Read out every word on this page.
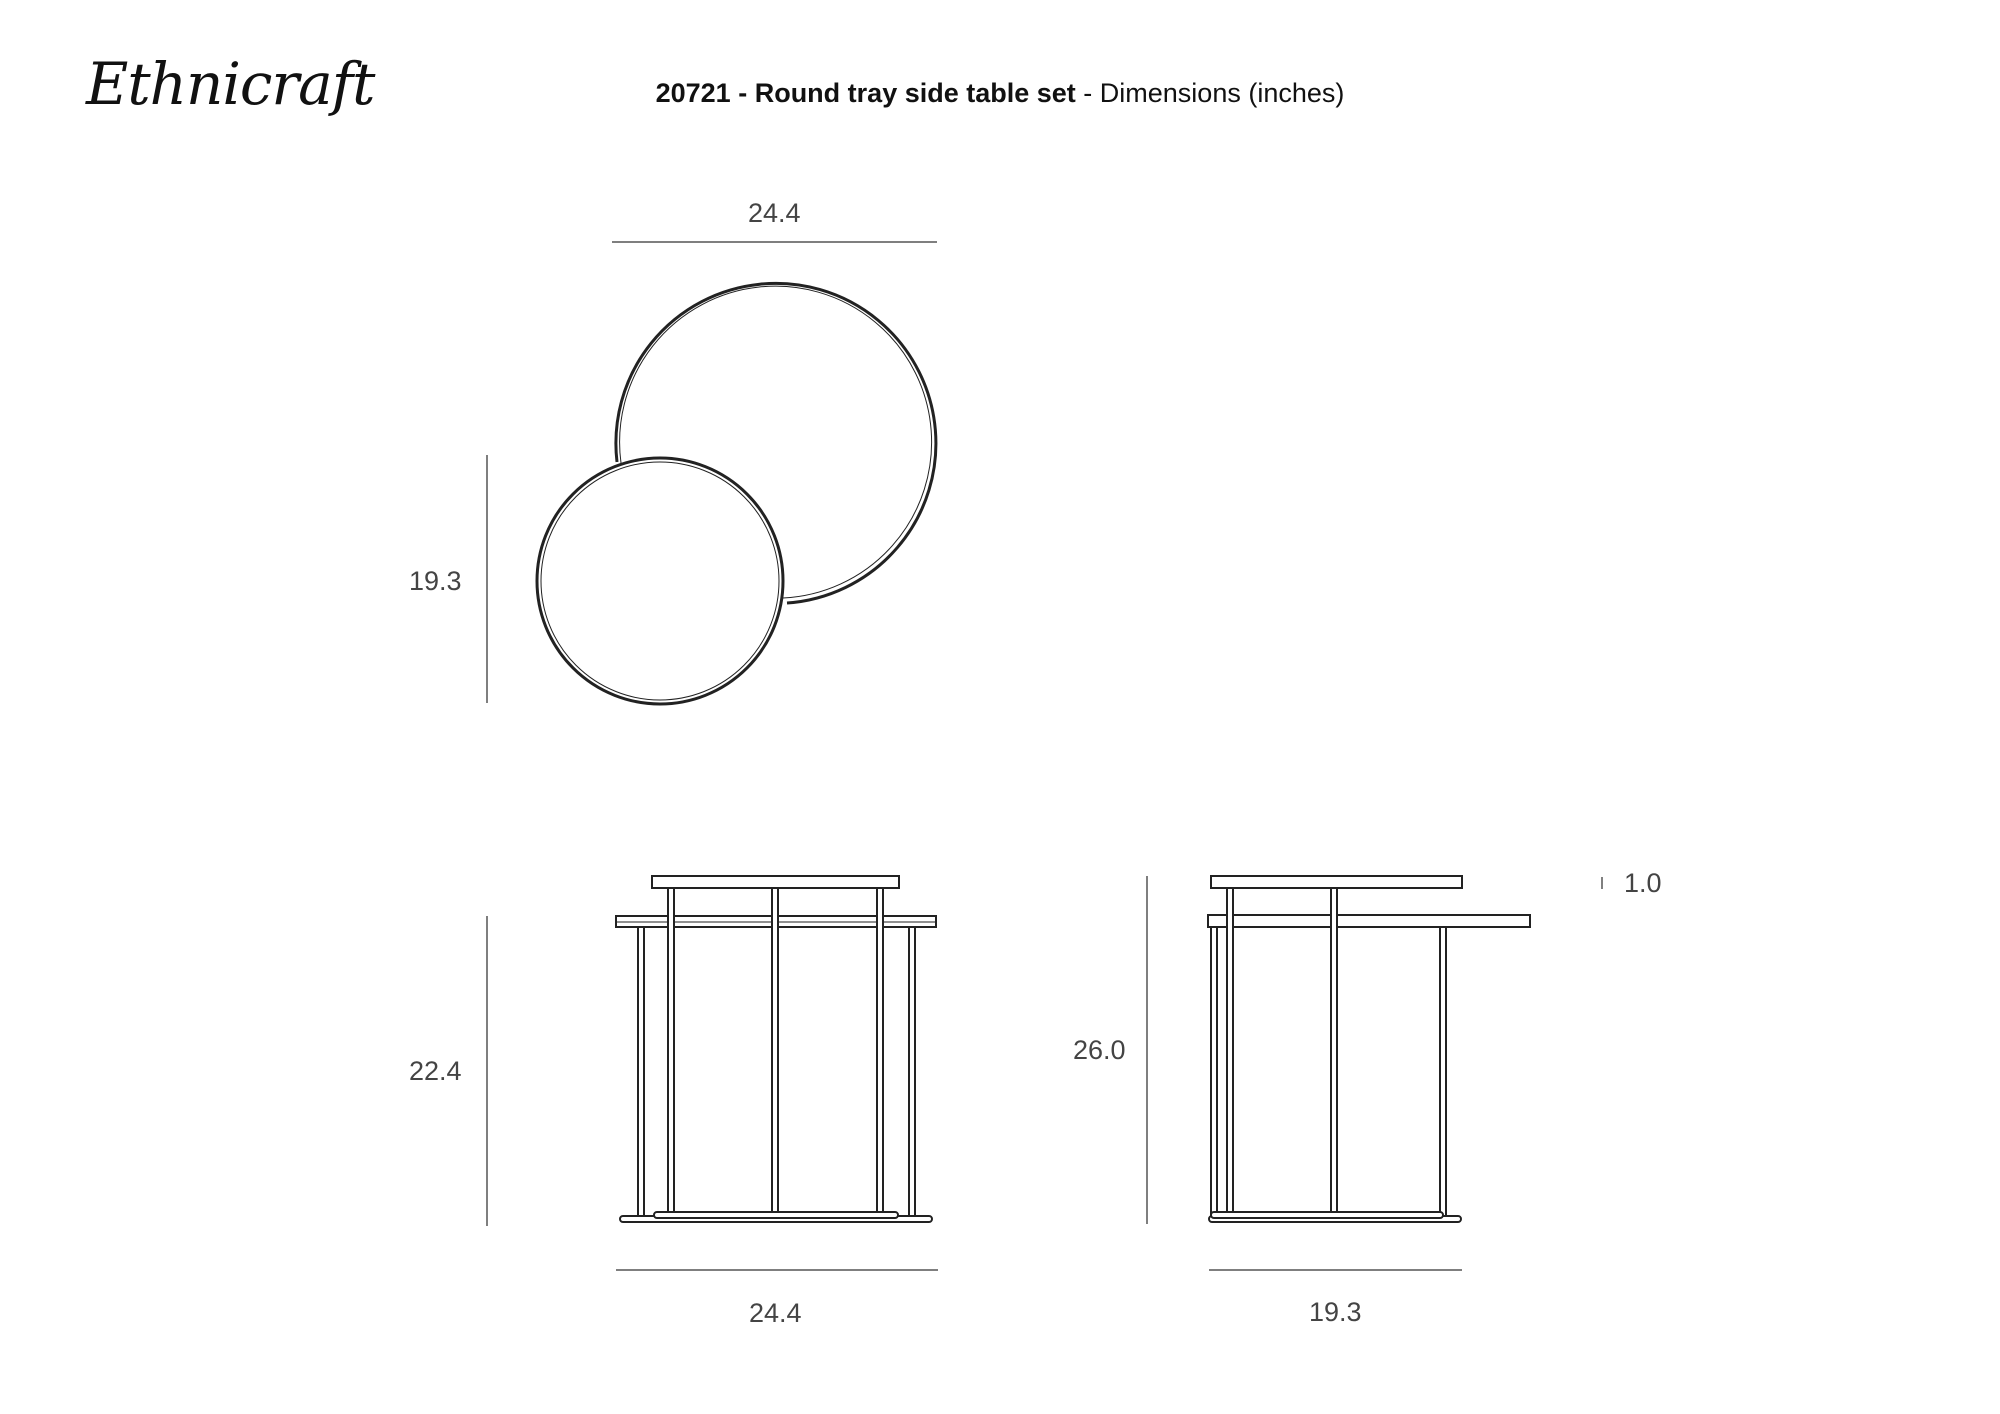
Ethnicraft	20721 - Round tray side table set - Dimensions (inches)
24.4
19.3
22.4
24.4
26.0
19.3
1.0
